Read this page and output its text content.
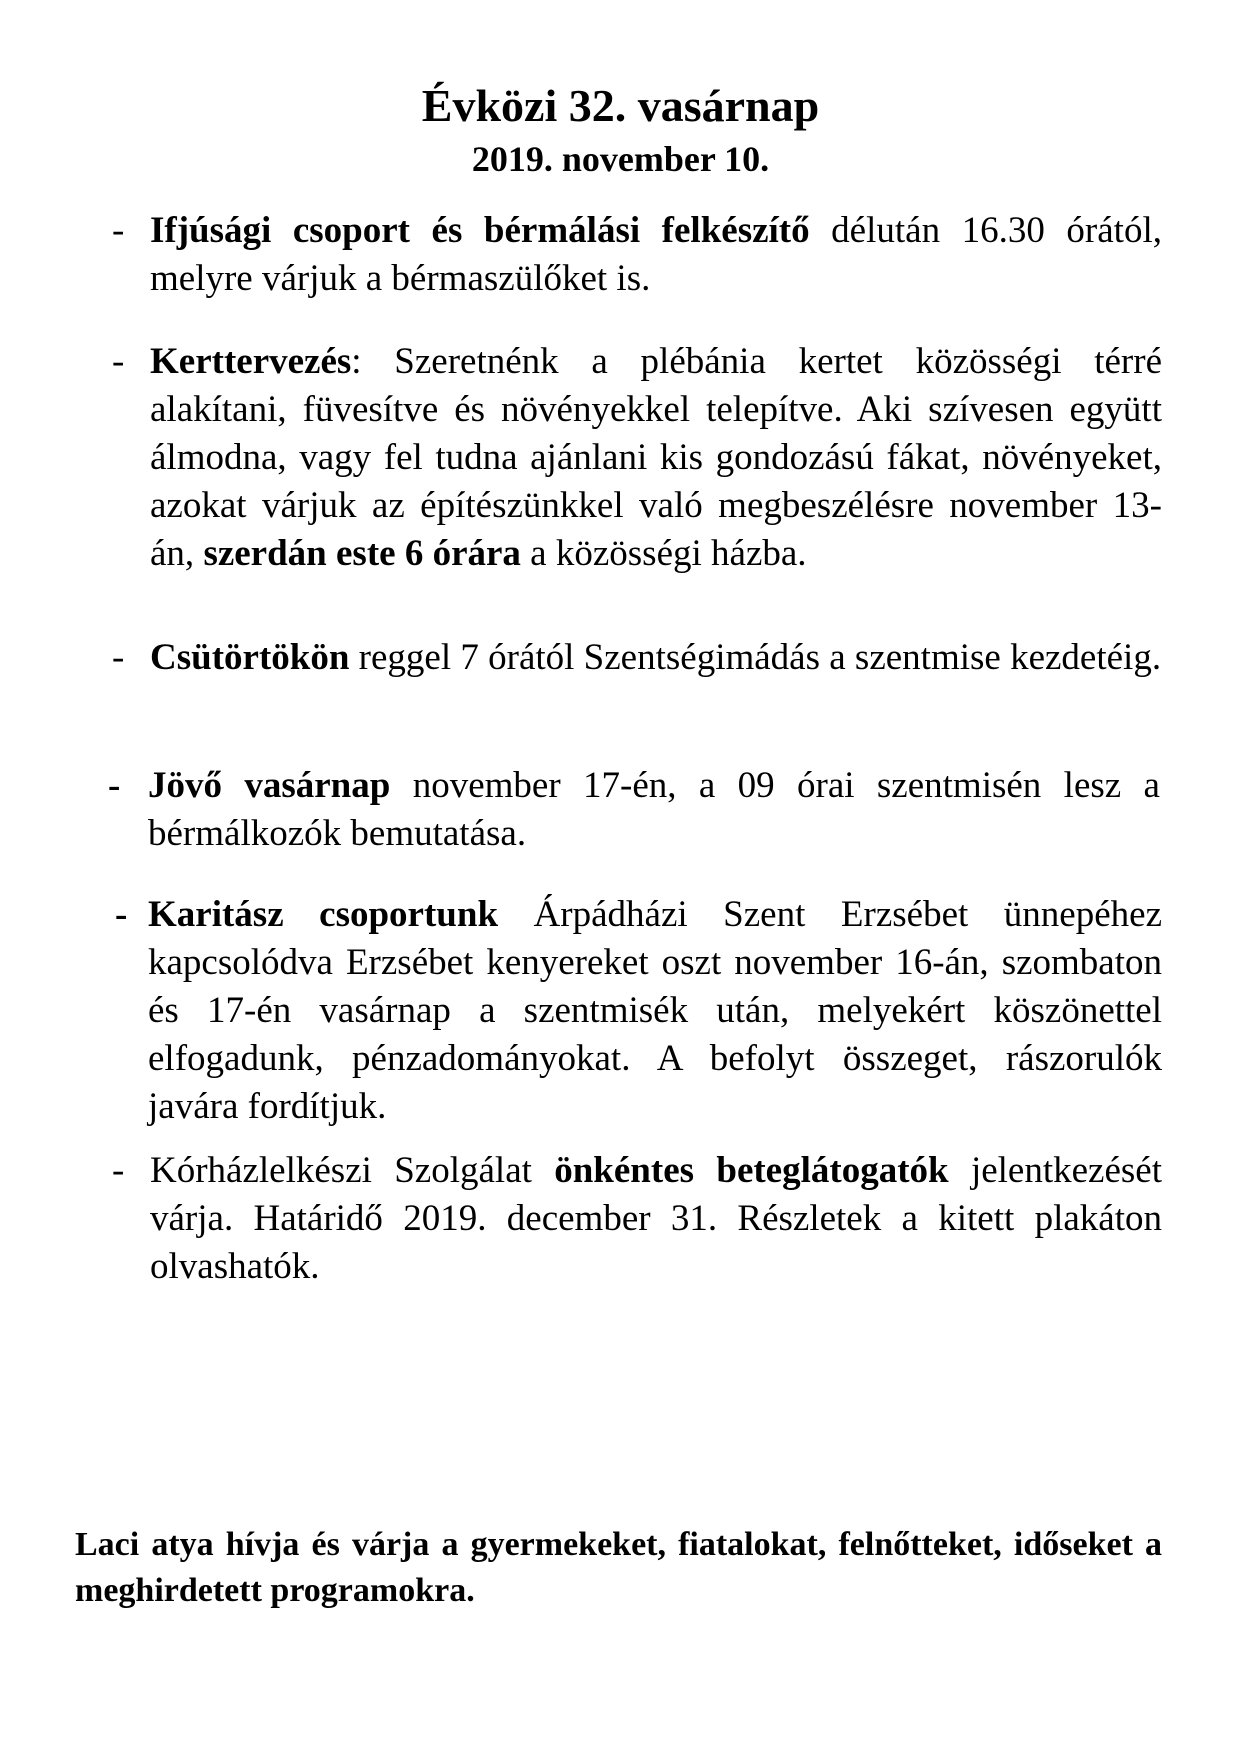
Évközi 32. vasárnap
2019. november 10.
- Ifjúsági csoport és bérmálási felkészítő délután 16.30 órától, melyre várjuk a bérmaszülőket is.
- Kerttervezés: Szeretnénk a plébánia kertet közösségi térré alakítani, füvesítve és növényekkel telepítve. Aki szívesen együtt álmodna, vagy fel tudna ajánlani kis gondozású fákat, növényeket, azokat várjuk az építészünkkel való megbeszélésre november 13-án, szerdán este 6 órára a közösségi házba.
- Csütörtökön reggel 7 órától Szentségimádás a szentmise kezdetéig.
- Jövő vasárnap november 17-én, a 09 órai szentmisén lesz a bérmálkozók bemutatása.
- Karitász csoportunk Árpádházi Szent Erzsébet ünnepéhez kapcsolódva Erzsébet kenyereket oszt november 16-án, szombaton és 17-én vasárnap a szentmisék után, melyekért köszönettel elfogadunk, pénzadományokat. A befolyt összeget, rászorulók javára fordítjuk.
- Kórházlelkészi Szolgálat önkéntes beteglátogatók jelentkezését várja. Határidő 2019. december 31. Részletek a kitett plakáton olvashatók.
Laci atya hívja és várja a gyermekeket, fiatalokat, felnőtteket, időseket a meghirdetett programokra.
